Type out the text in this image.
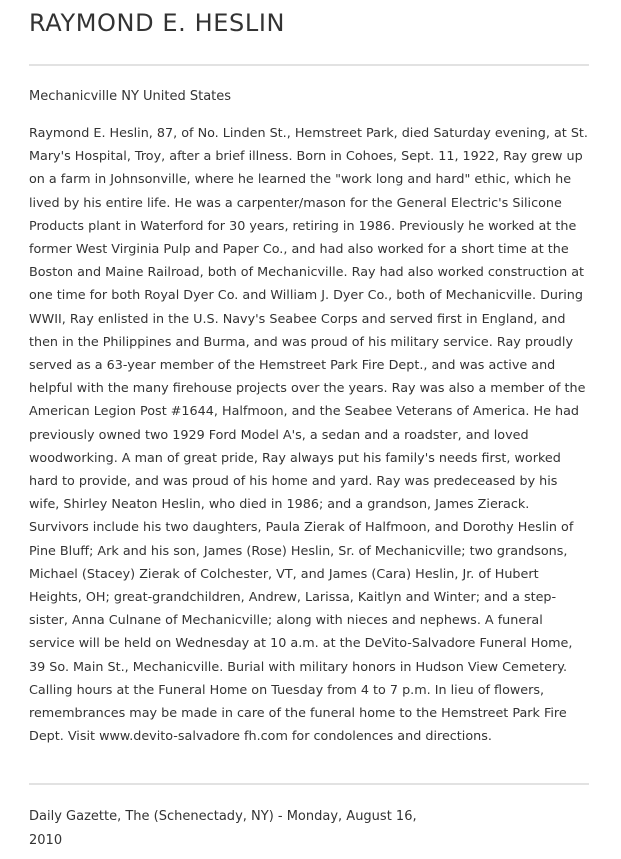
RAYMOND E. HESLIN

Mechanicville NY United States

Raymond E. Heslin, 87, of No. Linden St., Hemstreet Park, died Saturday evening, at St. Mary's Hospital, Troy, after a brief illness. Born in Cohoes, Sept. 11, 1922, Ray grew up on a farm in Johnsonville, where he learned the "work long and hard" ethic, which he lived by his entire life. He was a carpenter/mason for the General Electric's Silicone Products plant in Waterford for 30 years, retiring in 1986. Previously he worked at the former West Virginia Pulp and Paper Co., and had also worked for a short time at the Boston and Maine Railroad, both of Mechanicville. Ray had also worked construction at one time for both Royal Dyer Co. and William J. Dyer Co., both of Mechanicville. During WWII, Ray enlisted in the U.S. Navy's Seabee Corps and served first in England, and then in the Philippines and Burma, and was proud of his military service. Ray proudly served as a 63-year member of the Hemstreet Park Fire Dept., and was active and helpful with the many firehouse projects over the years. Ray was also a member of the American Legion Post #1644, Halfmoon, and the Seabee Veterans of America. He had previously owned two 1929 Ford Model A's, a sedan and a roadster, and loved woodworking. A man of great pride, Ray always put his family's needs first, worked hard to provide, and was proud of his home and yard. Ray was predeceased by his wife, Shirley Neaton Heslin, who died in 1986; and a grandson, James Zierack. Survivors include his two daughters, Paula Zierak of Halfmoon, and Dorothy Heslin of Pine Bluff; Ark and his son, James (Rose) Heslin, Sr. of Mechanicville; two grandsons, Michael (Stacey) Zierak of Colchester, VT, and James (Cara) Heslin, Jr. of Hubert Heights, OH; great-grandchildren, Andrew, Larissa, Kaitlyn and Winter; and a step-sister, Anna Culnane of Mechanicville; along with nieces and nephews. A funeral service will be held on Wednesday at 10 a.m. at the DeVito-Salvadore Funeral Home, 39 So. Main St., Mechanicville. Burial with military honors in Hudson View Cemetery. Calling hours at the Funeral Home on Tuesday from 4 to 7 p.m. In lieu of flowers, remembrances may be made in care of the funeral home to the Hemstreet Park Fire Dept. Visit www.devito-salvadore fh.com for condolences and directions.

Daily Gazette, The (Schenectady, NY) - Monday, August 16, 2010
